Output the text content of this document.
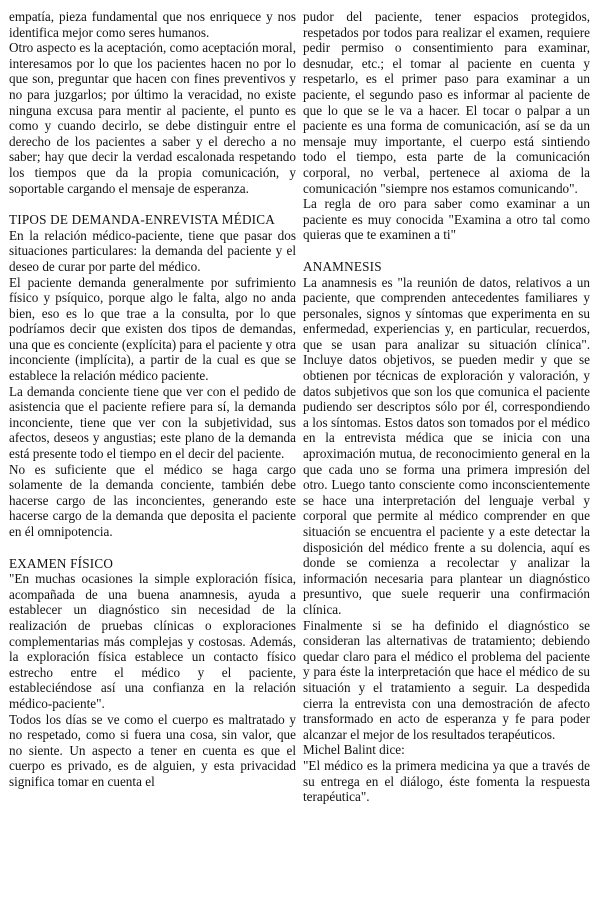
empatía, pieza fundamental que nos enriquece y nos identifica mejor como seres humanos.

Otro aspecto es la aceptación, como aceptación moral, interesamos por lo que los pacientes hacen no por lo que son, preguntar que hacen con fines preventivos y no para juzgarlos; por último la veracidad, no existe ninguna excusa para mentir al paciente, el punto es como y cuando decirlo, se debe distinguir entre el derecho de los pacientes a saber y el derecho a no saber; hay que decir la verdad escalonada respetando los tiempos que da la propia comunicación, y soportable cargando el mensaje de esperanza.

TIPOS DE DEMANDA-ENREVISTA MÉDICA

En la relación médico-paciente, tiene que pasar dos situaciones particulares: la demanda del paciente y el deseo de curar por parte del médico.

El paciente demanda generalmente por sufrimiento físico y psíquico, porque algo le falta, algo no anda bien, eso es lo que trae a la consulta, por lo que podríamos decir que existen dos tipos de demandas, una que es conciente (explícita) para el paciente y otra inconciente (implícita), a partir de la cual es que se establece la relación médico paciente.

La demanda conciente tiene que ver con el pedido de asistencia que el paciente refiere para sí, la demanda inconciente, tiene que ver con la subjetividad, sus afectos, deseos y angustias; este plano de la demanda está presente todo el tiempo en el decir del paciente.

No es suficiente que el médico se haga cargo solamente de la demanda conciente, también debe hacerse cargo de las inconcientes, generando este hacerse cargo de la demanda que deposita el paciente en él omnipotencia.

EXAMEN FÍSICO

"En muchas ocasiones la simple exploración física, acompañada de una buena anamnesis, ayuda a establecer un diagnóstico sin necesidad de la realización de pruebas clínicas o exploraciones complementarias más complejas y costosas. Además, la exploración física establece un contacto físico estrecho entre el médico y el paciente, estableciéndose así una confianza en la relación médico-paciente".

Todos los días se ve como el cuerpo es maltratado y no respetado, como si fuera una cosa, sin valor, que no siente. Un aspecto a tener en cuenta es que el cuerpo es privado, es de alguien, y esta privacidad significa tomar en cuenta el

pudor del paciente, tener espacios protegidos, respetados por todos para realizar el examen, requiere pedir permiso o consentimiento para examinar, desnudar, etc.; el tomar al paciente en cuenta y respetarlo, es el primer paso para examinar a un paciente, el segundo paso es informar al paciente de que lo que se le va a hacer. El tocar o palpar a un paciente es una forma de comunicación, así se da un mensaje muy importante, el cuerpo está sintiendo todo el tiempo, esta parte de la comunicación corporal, no verbal, pertenece al axioma de la comunicación "siempre nos estamos comunicando".

La regla de oro para saber como examinar a un paciente es muy conocida "Examina a otro tal como quieras que te examinen a ti"

ANAMNESIS

La anamnesis es "la reunión de datos, relativos a un paciente, que comprenden antecedentes familiares y personales, signos y síntomas que experimenta en su enfermedad, experiencias y, en particular, recuerdos, que se usan para analizar su situación clínica". Incluye datos objetivos, se pueden medir y que se obtienen por técnicas de exploración y valoración, y datos subjetivos que son los que comunica el paciente pudiendo ser descriptos sólo por él, correspondiendo a los síntomas. Estos datos son tomados por el médico en la entrevista médica que se inicia con una aproximación mutua, de reconocimiento general en la que cada uno se forma una primera impresión del otro. Luego tanto consciente como inconscientemente se hace una interpretación del lenguaje verbal y corporal que permite al médico comprender en que situación se encuentra el paciente y a este detectar la disposición del médico frente a su dolencia, aquí es donde se comienza a recolectar y analizar la información necesaria para plantear un diagnóstico presuntivo, que suele requerir una confirmación clínica.

Finalmente si se ha definido el diagnóstico se consideran las alternativas de tratamiento; debiendo quedar claro para el médico el problema del paciente y para éste la interpretación que hace el médico de su situación y el tratamiento a seguir. La despedida cierra la entrevista con una demostración de afecto transformado en acto de esperanza y fe para poder alcanzar el mejor de los resultados terapéuticos.

Michel Balint dice:

"El médico es la primera medicina ya que a través de su entrega en el diálogo, éste fomenta la respuesta terapéutica".
